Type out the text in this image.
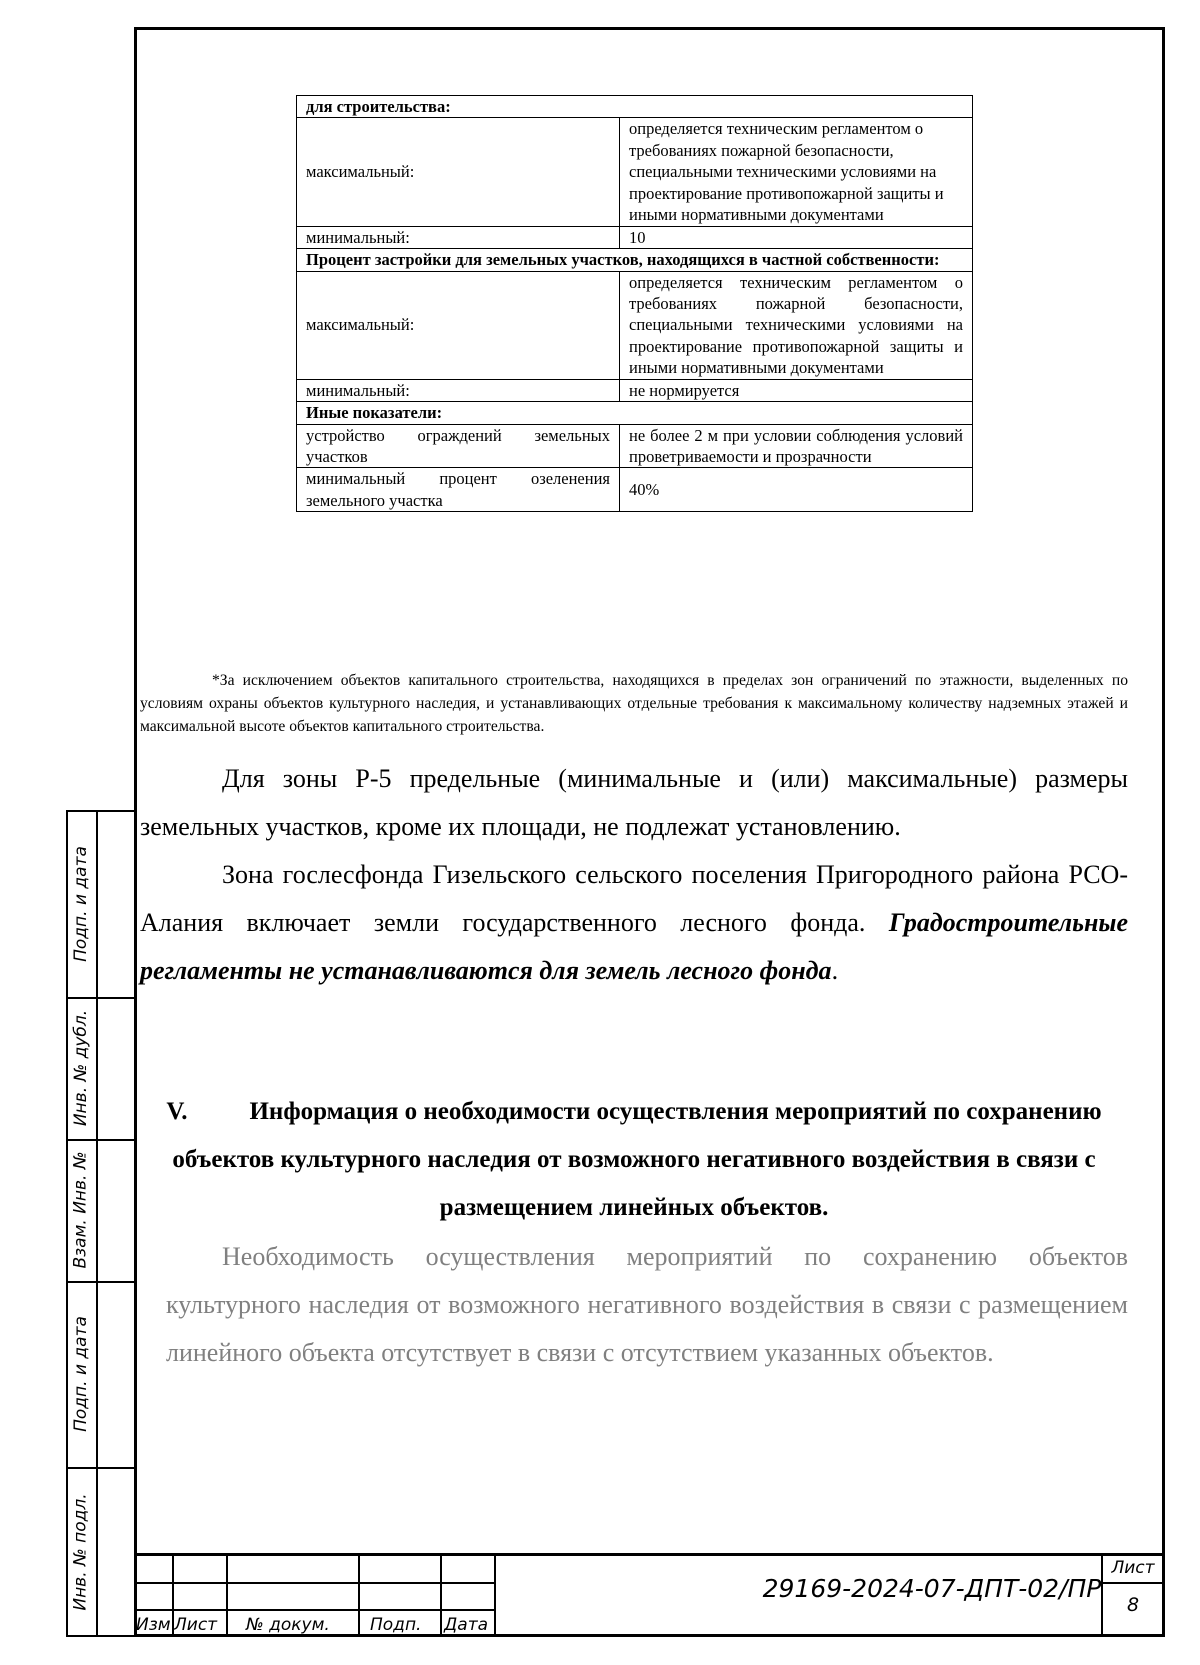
Подп. и дата
Инв. № дубл.
Взам. Инв. №
Подп. и дата
Инв. № подл.
для строительства:	
максимальный:	определяется техническим регламентом о требованиях пожарной безопасности, специальными техническими условиями на проектирование противопожарной защиты и иными нормативными документами
минимальный:	10
Процент застройки для земельных участков, находящихся в частной собственности:	
максимальный:	определяется техническим регламентом о требованиях пожарной безопасности, специальными техническими условиями на проектирование противопожарной защиты и иными нормативными документами
минимальный:	не нормируется
Иные показатели:	
устройство ограждений земельных участков	не более 2 м при условии соблюдения условий проветриваемости и прозрачности
минимальный процент озеленения земельного участка	40%

*За исключением объектов капитального строительства, находящихся в пределах зон ограничений по этажности, выделенных по условиям охраны объектов культурного наследия, и устанавливающих отдельные требования к максимальному количеству надземных этажей и максимальной высоте объектов капитального строительства.

Для зоны Р-5 предельные (минимальные и (или) максимальные) размеры земельных участков, кроме их площади, не подлежат установлению.

Зона гослесфонда Гизельского сельского поселения Пригородного района РСО-Алания включает земли государственного лесного фонда. Градостроительные регламенты не устанавливаются для земель лесного фонда.

V. Информация о необходимости осуществления мероприятий по сохранению объектов культурного наследия от возможного негативного воздействия в связи с размещением линейных объектов.

Необходимость осуществления мероприятий по сохранению объектов культурного наследия от возможного негативного воздействия в связи с размещением линейного объекта отсутствует в связи с отсутствием указанных объектов.

Изм Лист № докум. Подп. Дата
29169-2024-07-ДПТ-02/ПР
Лист
8
